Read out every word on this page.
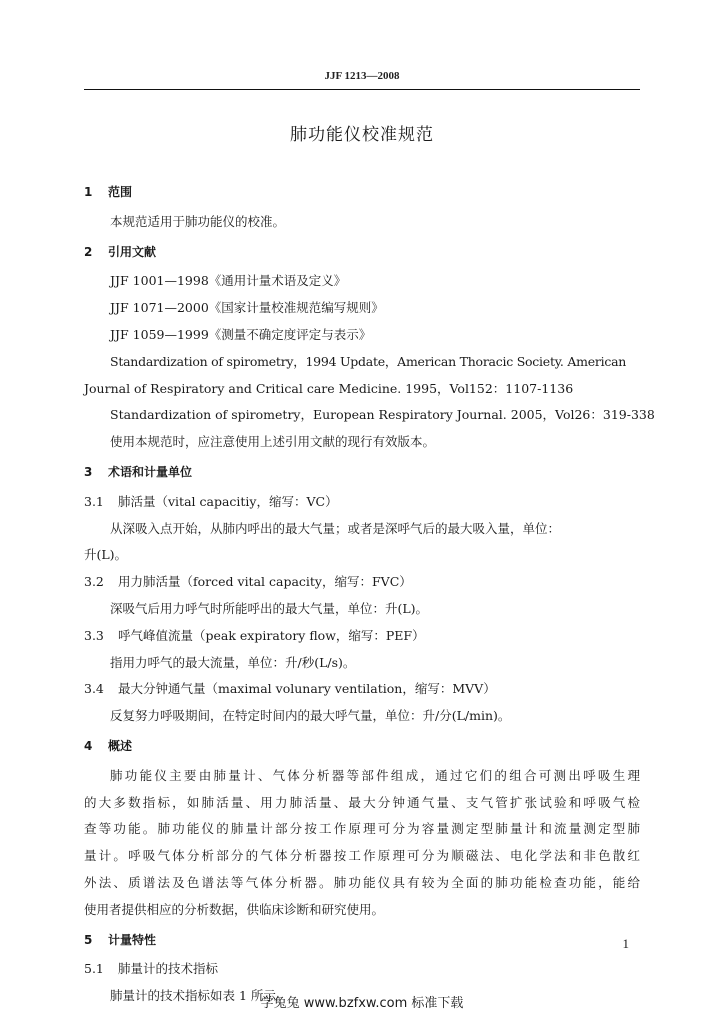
JJF 1213—2008
肺功能仪校准规范

1 范围

本规范适用于肺功能仪的校准。

2 引用文献

JJF 1001—1998《通用计量术语及定义》

JJF 1071—2000《国家计量校准规范编写规则》

JJF 1059—1999《测量不确定度评定与表示》

Standardization of spirometry，1994 Update，American Thoracic Society. American

Journal of Respiratory and Critical care Medicine. 1995，Vol152：1107-1136

Standardization of spirometry，European Respiratory Journal. 2005，Vol26：319-338

使用本规范时，应注意使用上述引用文献的现行有效版本。

3 术语和计量单位

3.1 肺活量（vital capacitiy，缩写：VC）

从深吸入点开始，从肺内呼出的最大气量；或者是深呼气后的最大吸入量，单位：

升(L)。

3.2 用力肺活量（forced vital capacity，缩写：FVC）

深吸气后用力呼气时所能呼出的最大气量，单位：升(L)。

3.3 呼气峰值流量（peak expiratory flow，缩写：PEF）

指用力呼气的最大流量，单位：升/秒(L/s)。

3.4 最大分钟通气量（maximal volunary ventilation，缩写：MVV）

反复努力呼吸期间，在特定时间内的最大呼气量，单位：升/分(L/min)。

4 概述

肺功能仪主要由肺量计、气体分析器等部件组成，通过它们的组合可测出呼吸生理

的大多数指标，如肺活量、用力肺活量、最大分钟通气量、支气管扩张试验和呼吸气检

查等功能。肺功能仪的肺量计部分按工作原理可分为容量测定型肺量计和流量测定型肺

量计。呼吸气体分析部分的气体分析器按工作原理可分为顺磁法、电化学法和非色散红

外法、质谱法及色谱法等气体分析器。肺功能仪具有较为全面的肺功能检查功能，能给

使用者提供相应的分析数据，供临床诊断和研究使用。

5 计量特性

5.1 肺量计的技术指标

肺量计的技术指标如表 1 所示。

1
学兔兔 www.bzfxw.com 标准下载
